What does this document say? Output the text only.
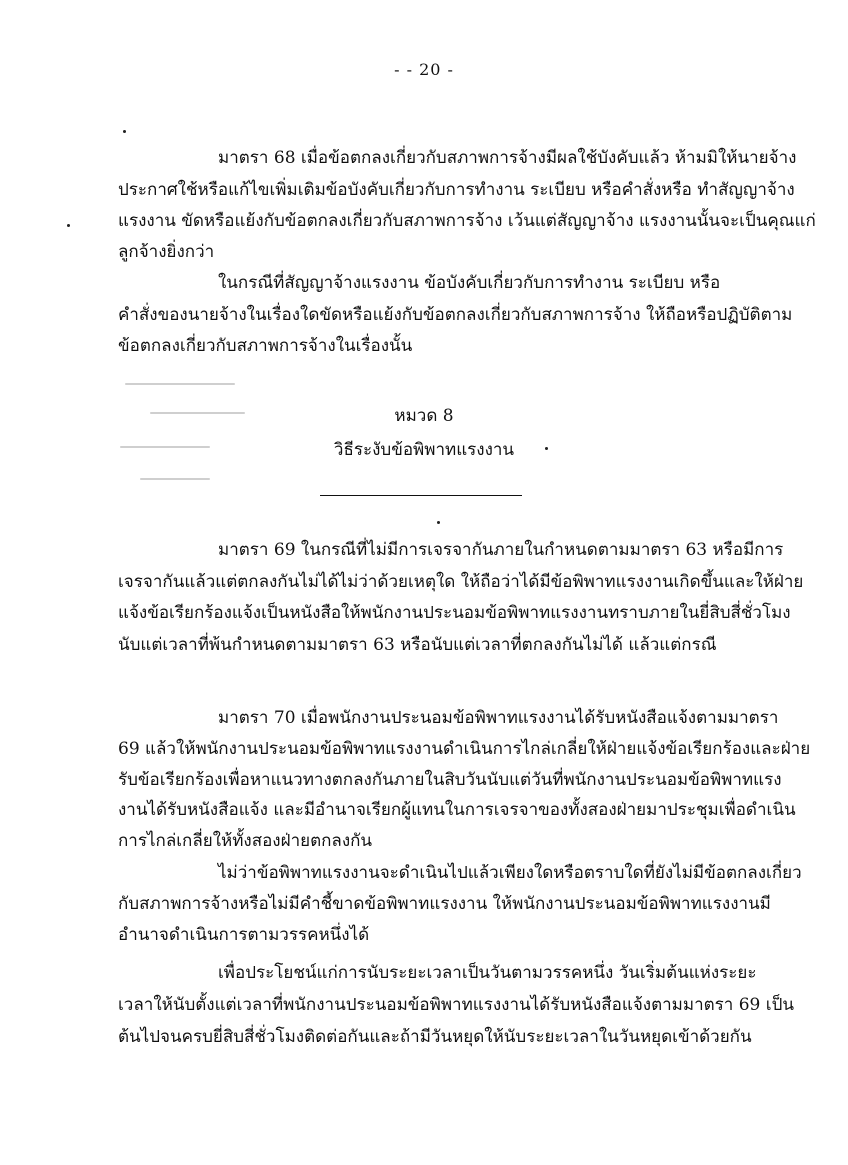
- - 20 -
มาตรา 68 เมื่อข้อตกลงเกี่ยวกับสภาพการจ้างมีผลใช้บังคับแล้ว ห้ามมิให้นายจ้าง
ประกาศใช้หรือแก้ไขเพิ่มเติมข้อบังคับเกี่ยวกับการทำงาน ระเบียบ หรือคำสั่งหรือ ทำสัญญาจ้าง
แรงงาน ขัดหรือแย้งกับข้อตกลงเกี่ยวกับสภาพการจ้าง เว้นแต่สัญญาจ้าง แรงงานนั้นจะเป็นคุณแก่
ลูกจ้างยิ่งกว่า
ในกรณีที่สัญญาจ้างแรงงาน ข้อบังคับเกี่ยวกับการทำงาน ระเบียบ หรือ
คำสั่งของนายจ้างในเรื่องใดขัดหรือแย้งกับข้อตกลงเกี่ยวกับสภาพการจ้าง ให้ถือหรือปฏิบัติตาม
ข้อตกลงเกี่ยวกับสภาพการจ้างในเรื่องนั้น
หมวด 8
วิธีระงับข้อพิพาทแรงงาน
มาตรา 69 ในกรณีที่ไม่มีการเจรจากันภายในกำหนดตามมาตรา 63 หรือมีการ
เจรจากันแล้วแต่ตกลงกันไม่ได้ไม่ว่าด้วยเหตุใด ให้ถือว่าได้มีข้อพิพาทแรงงานเกิดขึ้นและให้ฝ่าย
แจ้งข้อเรียกร้องแจ้งเป็นหนังสือให้พนักงานประนอมข้อพิพาทแรงงานทราบภายในยี่สิบสี่ชั่วโมง
นับแต่เวลาที่พ้นกำหนดตามมาตรา 63 หรือนับแต่เวลาที่ตกลงกันไม่ได้ แล้วแต่กรณี
มาตรา 70 เมื่อพนักงานประนอมข้อพิพาทแรงงานได้รับหนังสือแจ้งตามมาตรา
69 แล้วให้พนักงานประนอมข้อพิพาทแรงงานดำเนินการไกล่เกลี่ยให้ฝ่ายแจ้งข้อเรียกร้องและฝ่าย
รับข้อเรียกร้องเพื่อหาแนวทางตกลงกันภายในสิบวันนับแต่วันที่พนักงานประนอมข้อพิพาทแรง
งานได้รับหนังสือแจ้ง และมีอำนาจเรียกผู้แทนในการเจรจาของทั้งสองฝ่ายมาประชุมเพื่อดำเนิน
การไกล่เกลี่ยให้ทั้งสองฝ่ายตกลงกัน
ไม่ว่าข้อพิพาทแรงงานจะดำเนินไปแล้วเพียงใดหรือตราบใดที่ยังไม่มีข้อตกลงเกี่ยว
กับสภาพการจ้างหรือไม่มีคำชี้ขาดข้อพิพาทแรงงาน ให้พนักงานประนอมข้อพิพาทแรงงานมี
อำนาจดำเนินการตามวรรคหนึ่งได้
เพื่อประโยชน์แก่การนับระยะเวลาเป็นวันตามวรรคหนึ่ง วันเริ่มต้นแห่งระยะ
เวลาให้นับตั้งแต่เวลาที่พนักงานประนอมข้อพิพาทแรงงานได้รับหนังสือแจ้งตามมาตรา 69 เป็น
ต้นไปจนครบยี่สิบสี่ชั่วโมงติดต่อกันและถ้ามีวันหยุดให้นับระยะเวลาในวันหยุดเข้าด้วยกัน
